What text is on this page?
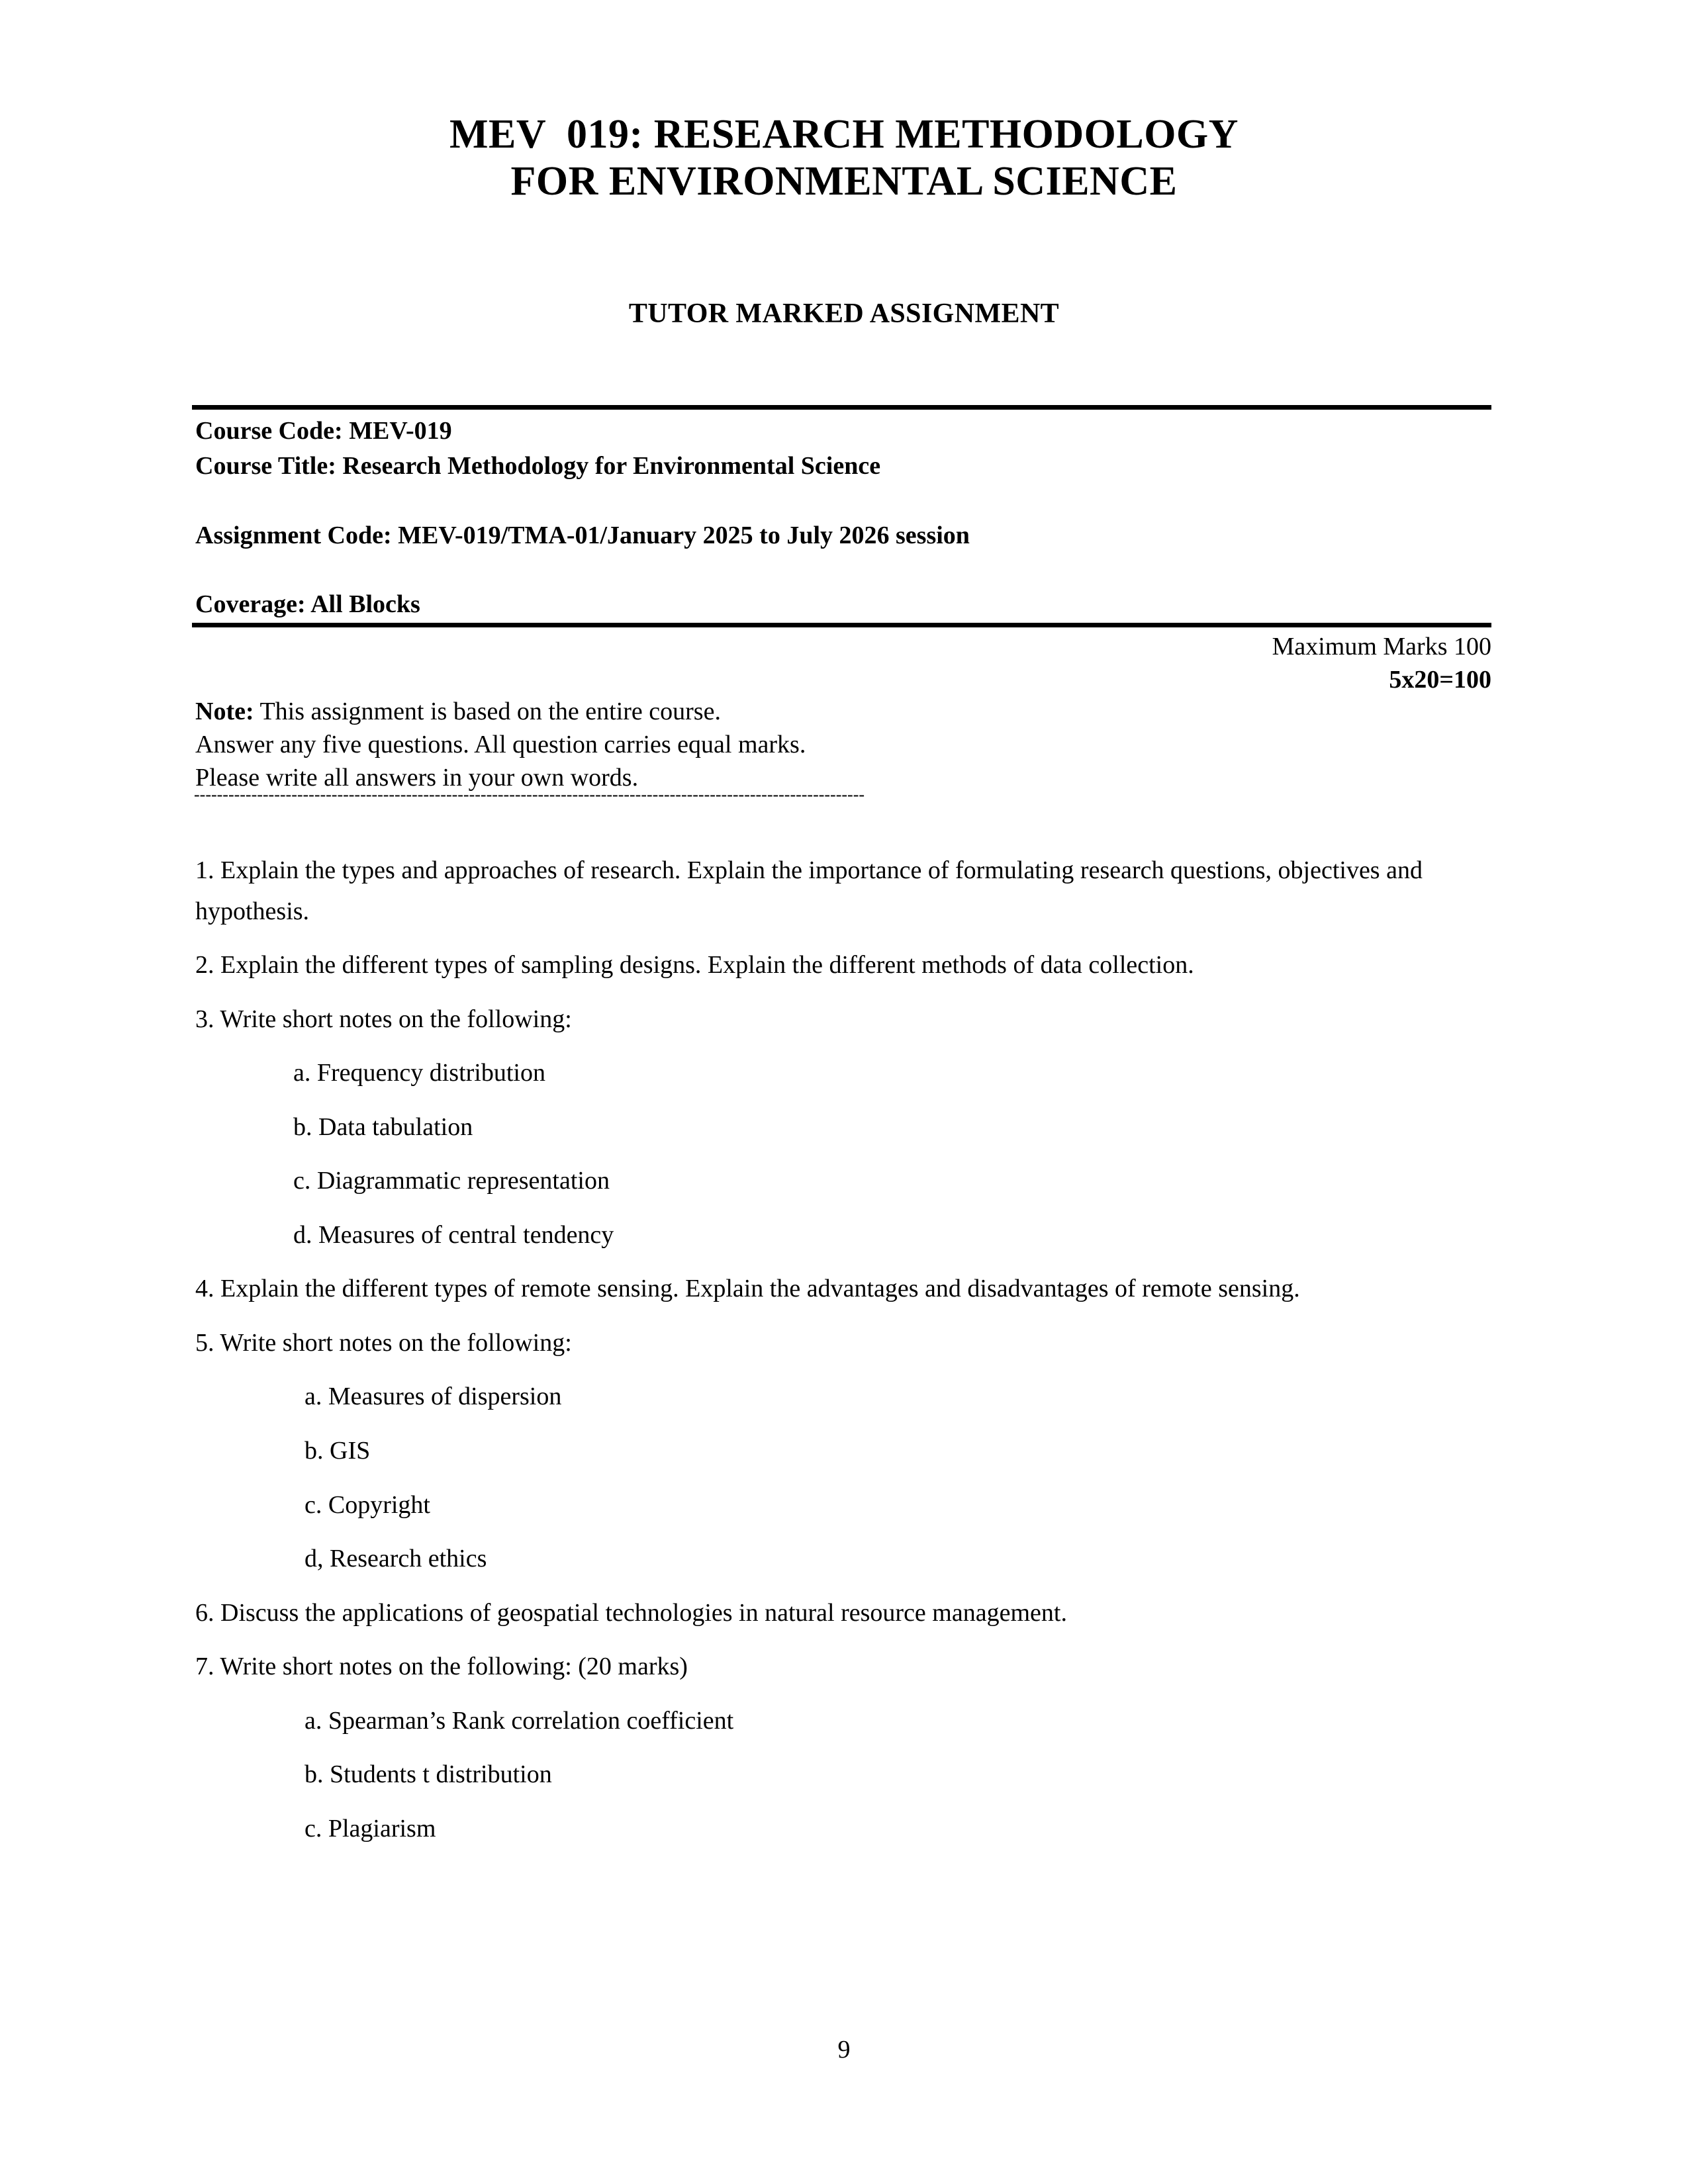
MEV  019: RESEARCH METHODOLOGY
FOR ENVIRONMENTAL SCIENCE
TUTOR MARKED ASSIGNMENT
Course Code: MEV-019
Course Title: Research Methodology for Environmental Science
Assignment Code: MEV-019/TMA-01/January 2025 to July 2026 session
Coverage: All Blocks
Maximum Marks 100
5x20=100
Note: This assignment is based on the entire course.
Answer any five questions. All question carries equal marks.
Please write all answers in your own words.
---------------------------------------------------------------------------------------------------------------------
1. Explain the types and approaches of research. Explain the importance of formulating research questions, objectives and hypothesis.
2. Explain the different types of sampling designs. Explain the different methods of data collection.
3. Write short notes on the following:
a. Frequency distribution
b. Data tabulation
c. Diagrammatic representation
d. Measures of central tendency
4. Explain the different types of remote sensing. Explain the advantages and disadvantages of remote sensing.
5. Write short notes on the following:
a. Measures of dispersion
b. GIS
c. Copyright
d, Research ethics
6. Discuss the applications of geospatial technologies in natural resource management.
7. Write short notes on the following: (20 marks)
a. Spearman’s Rank correlation coefficient
b. Students t distribution
c. Plagiarism
9
